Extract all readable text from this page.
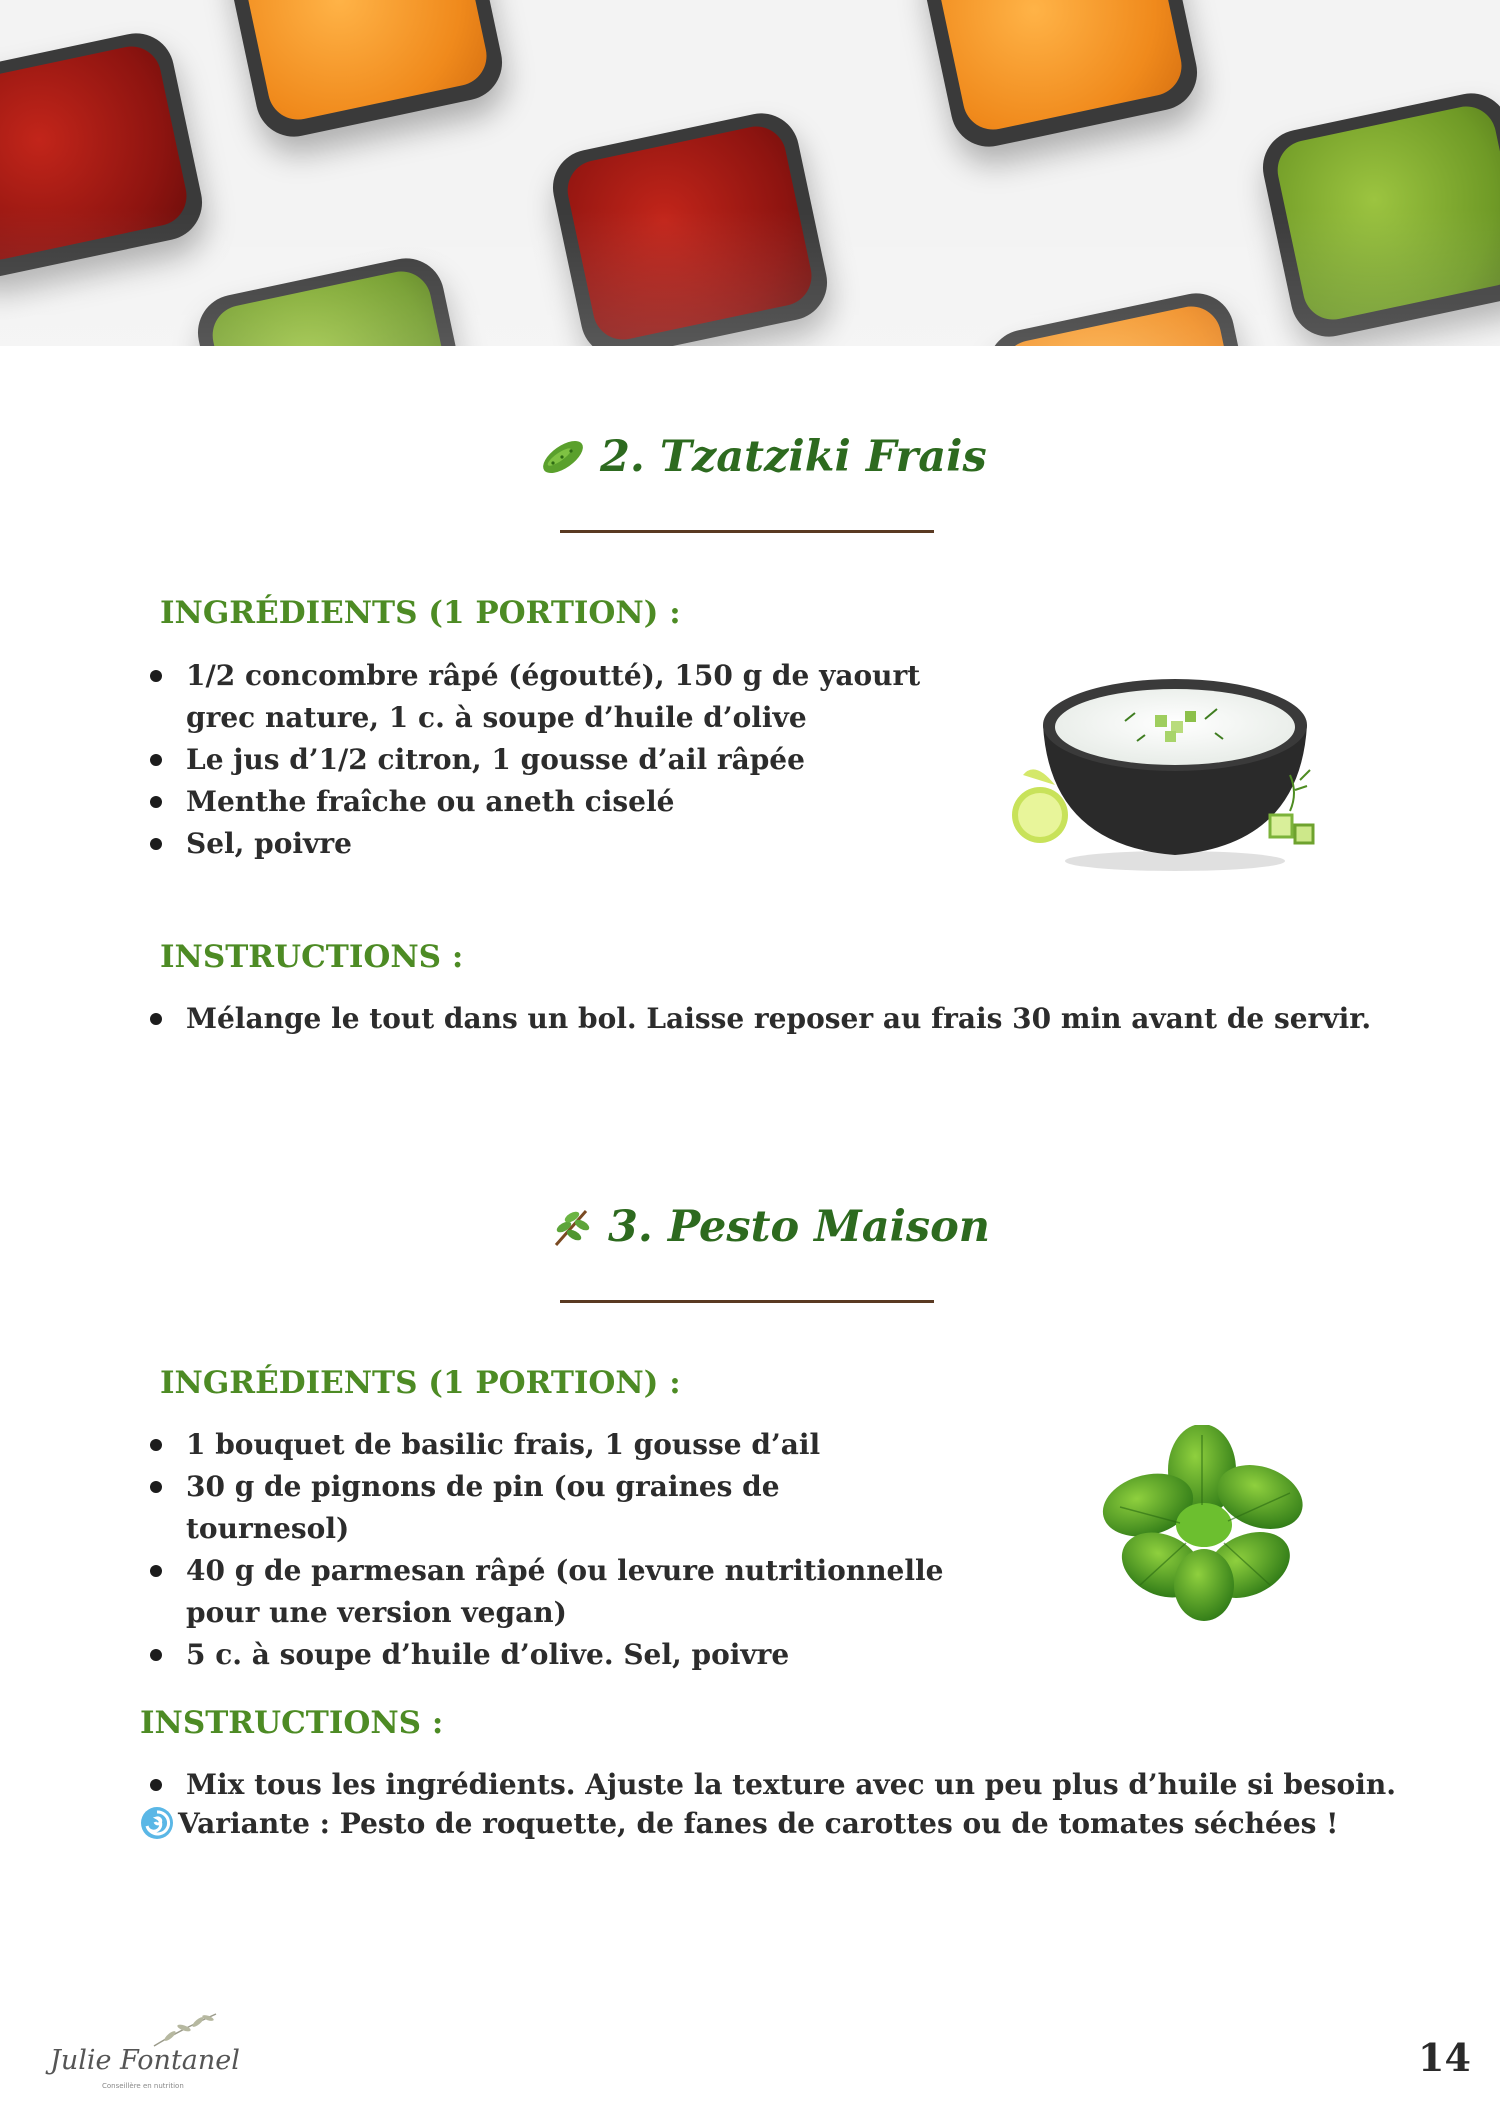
2. Tzatziki Frais
INGRÉDIENTS (1 PORTION) :
1/2 concombre râpé (égoutté), 150 g de yaourt grec nature, 1 c. à soupe d’huile d’olive
Le jus d’1/2 citron, 1 gousse d’ail râpée
Menthe fraîche ou aneth ciselé
Sel, poivre
INSTRUCTIONS :
Mélange le tout dans un bol. Laisse reposer au frais 30 min avant de servir.
3. Pesto Maison
INGRÉDIENTS (1 PORTION) :
1 bouquet de basilic frais, 1 gousse d’ail
30 g de pignons de pin (ou graines de tournesol)
40 g de parmesan râpé (ou levure nutritionnelle pour une version vegan)
5 c. à soupe d’huile d’olive. Sel, poivre
INSTRUCTIONS :
Mix tous les ingrédients. Ajuste la texture avec un peu plus d’huile si besoin.
Variante : Pesto de roquette, de fanes de carottes ou de tomates séchées !
Julie Fontanel
Conseillère en nutrition
14
